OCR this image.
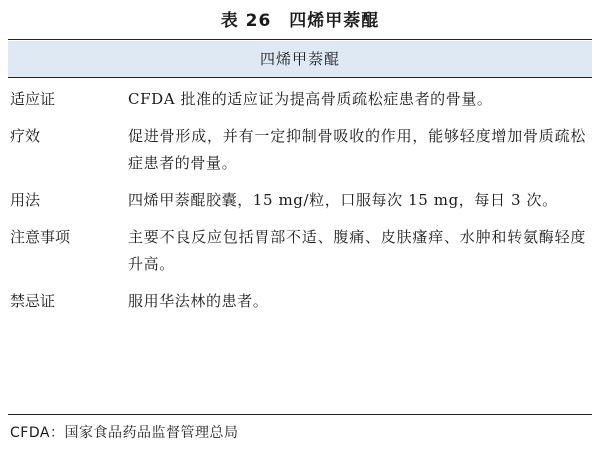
表 26 四烯甲萘醌
四烯甲萘醌
适应证	CFDA 批准的适应证为提高骨质疏松症患者的骨量。
疗效	促进骨形成，并有一定抑制骨吸收的作用，能够轻度增加骨质疏松症患者的骨量。
用法	四烯甲萘醌胶囊，15 mg/粒，口服每次 15 mg，每日 3 次。
注意事项	主要不良反应包括胃部不适、腹痛、皮肤瘙痒、水肿和转氨酶轻度升高。
禁忌证	服用华法林的患者。
CFDA：国家食品药品监督管理总局
